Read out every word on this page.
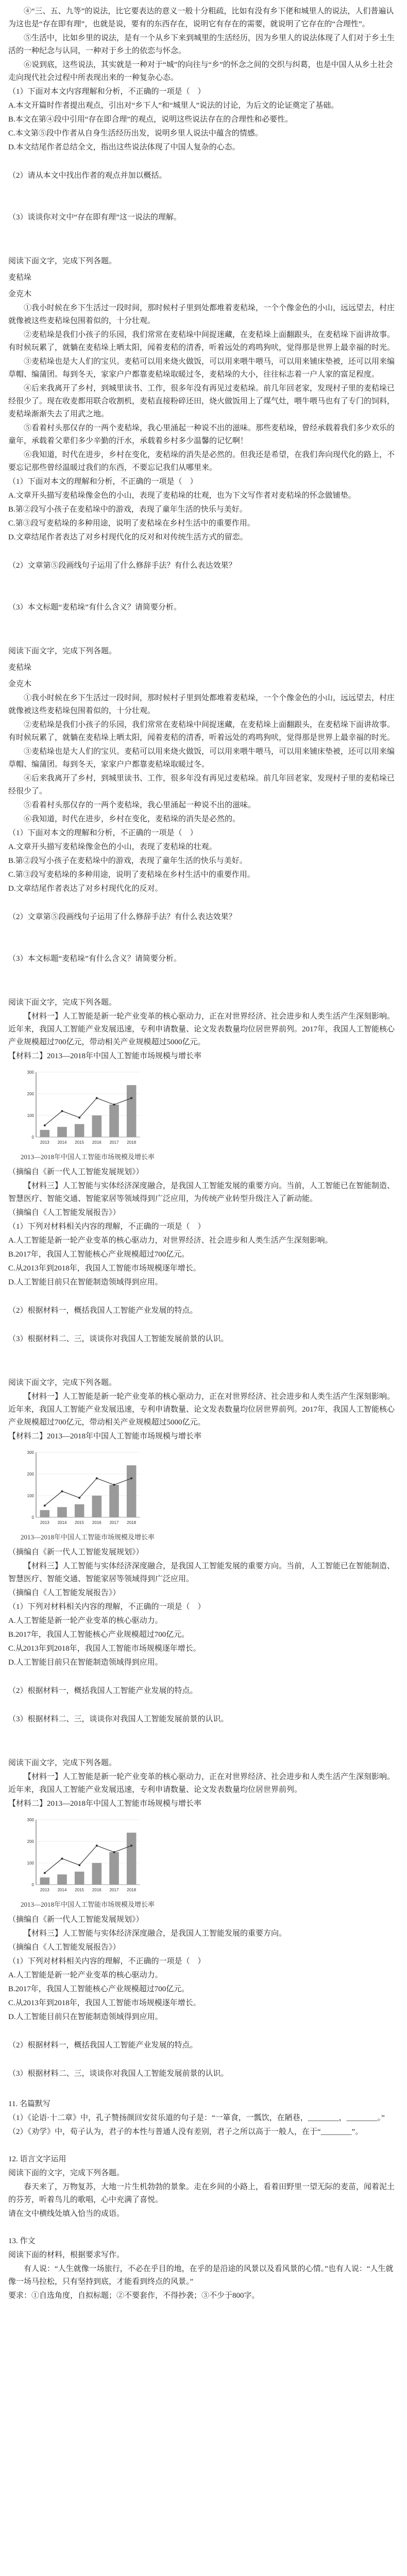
④“三、五、九等”的说法，比它要表达的意义一般十分粗疏，比如有没有乡下佬和城里人的说法，人们普遍认为这也是“存在即有理”，也就是说，要有的东西存在，说明它有存在的需要，就说明了它存在的“合理性”。

⑤生活中，比如乡里的说法，是有一个从乡下来到城里的生活经历，因为乡里人的说法体现了人们对于乡土生活的一种纪念与认同，一种对于乡土的依恋与怀念。

⑥说到底，这些说法，其实就是一种对于“城”的向往与“乡”的怀念之间的交织与纠葛，也是中国人从乡土社会走向现代社会过程中所表现出来的一种复杂心态。

（1）下面对本文内容理解和分析，不正确的一项是（　）

A.本文开篇时作者提出观点，引出对“乡下人”和“城里人”说法的讨论，为后文的论证奠定了基础。

B.本文在第④段中引用“存在即合理”的观点，说明这些说法存在的合理性和必要性。

C.本文第⑤段中作者从自身生活经历出发，说明乡里人说法中蕴含的情感。

D.本文结尾作者总结全文，指出这些说法体现了中国人复杂的心态。

（2）请从本文中找出作者的观点并加以概括。

（3）谈谈你对文中“存在即有理”这一说法的理解。

阅读下面文字，完成下列各题。

麦秸垛

金克木

①我小时候在乡下生活过一段时间，那时候村子里到处都堆着麦秸垛，一个个像金色的小山，远远望去，村庄就像被这些麦秸垛包围着似的，十分壮观。

②麦秸垛是我们小孩子的乐园，我们常常在麦秸垛中间捉迷藏，在麦秸垛上面翻跟头，在麦秸垛下面讲故事。有时候玩累了，就躺在麦秸垛上晒太阳，闻着麦秸的清香，听着远处的鸡鸣狗吠，觉得那是世界上最幸福的时光。

③麦秸垛也是大人们的宝贝。麦秸可以用来烧火做饭，可以用来喂牛喂马，可以用来铺床垫被，还可以用来编草帽、编蒲团。每到冬天，家家户户都靠麦秸垛取暖过冬，麦秸垛的大小，往往标志着一户人家的富足程度。

④后来我离开了乡村，到城里读书、工作，很多年没有再见过麦秸垛。前几年回老家，发现村子里的麦秸垛已经很少了。现在收麦都用联合收割机，麦秸直接粉碎还田，烧火做饭用上了煤气灶，喂牛喂马也有了专门的饲料，麦秸垛渐渐失去了用武之地。

⑤看着村头那仅存的一两个麦秸垛，我心里涌起一种说不出的滋味。那些麦秸垛，曾经承载着我们多少欢乐的童年，承载着父辈们多少辛勤的汗水，承载着乡村多少温馨的记忆啊！

⑥我知道，时代在进步，乡村在变化，麦秸垛的消失是必然的。但我还是希望，在我们奔向现代化的路上，不要忘记那些曾经温暖过我们的东西，不要忘记我们从哪里来。

（1）下面对本文的理解和分析，不正确的一项是（　）

A.文章开头描写麦秸垛像金色的小山，表现了麦秸垛的壮观，也为下文写作者对麦秸垛的怀念做铺垫。

B.第②段写小孩子在麦秸垛中的游戏，表现了童年生活的快乐与美好。

C.第③段写麦秸垛的多种用途，说明了麦秸垛在乡村生活中的重要作用。

D.文章结尾作者表达了对乡村现代化的反对和对传统生活方式的留恋。

（2）文章第⑤段画线句子运用了什么修辞手法？有什么表达效果？

（3）本文标题“麦秸垛”有什么含义？请简要分析。

阅读下面文字，完成下列各题。

麦秸垛

金克木

①我小时候在乡下生活过一段时间，那时候村子里到处都堆着麦秸垛，一个个像金色的小山，远远望去，村庄就像被这些麦秸垛包围着似的，十分壮观。

②麦秸垛是我们小孩子的乐园，我们常常在麦秸垛中间捉迷藏，在麦秸垛上面翻跟头，在麦秸垛下面讲故事。有时候玩累了，就躺在麦秸垛上晒太阳，闻着麦秸的清香，听着远处的鸡鸣狗吠，觉得那是世界上最幸福的时光。

③麦秸垛也是大人们的宝贝。麦秸可以用来烧火做饭，可以用来喂牛喂马，可以用来铺床垫被，还可以用来编草帽、编蒲团。每到冬天，家家户户都靠麦秸垛取暖过冬。

④后来我离开了乡村，到城里读书、工作，很多年没有再见过麦秸垛。前几年回老家，发现村子里的麦秸垛已经很少了。

⑤看着村头那仅存的一两个麦秸垛，我心里涌起一种说不出的滋味。

⑥我知道，时代在进步，乡村在变化，麦秸垛的消失是必然的。

（1）下面对本文的理解和分析，不正确的一项是（　）

A.文章开头描写麦秸垛像金色的小山，表现了麦秸垛的壮观。

B.第②段写小孩子在麦秸垛中的游戏，表现了童年生活的快乐与美好。

C.第③段写麦秸垛的多种用途，说明了麦秸垛在乡村生活中的重要作用。

D.文章结尾作者表达了对乡村现代化的反对。

（2）文章第⑤段画线句子运用了什么修辞手法？有什么表达效果？

（3）本文标题“麦秸垛”有什么含义？请简要分析。

阅读下面文字，完成下列各题。

【材料一】人工智能是新一轮产业变革的核心驱动力，正在对世界经济、社会进步和人类生活产生深刻影响。近年来，我国人工智能产业发展迅速，专利申请数量、论文发表数量均位居世界前列。2017年，我国人工智能核心产业规模超过700亿元，带动相关产业规模超过5000亿元。

【材料二】2013—2018年中国人工智能市场规模与增长率

2013 2014 2015 2016 2017 2018
0
100
200
300

2013—2018年中国人工智能市场规模及增长率

（摘编自《新一代人工智能发展规划》）

【材料三】人工智能与实体经济深度融合，是我国人工智能发展的重要方向。当前，人工智能已在智能制造、智慧医疗、智能交通、智能家居等领域得到广泛应用，为传统产业转型升级注入了新动能。

（摘编自《人工智能发展报告》）

（1）下列对材料相关内容的理解，不正确的一项是（　）

A.人工智能是新一轮产业变革的核心驱动力，对世界经济、社会进步和人类生活产生深刻影响。

B.2017年，我国人工智能核心产业规模超过700亿元。

C.从2013年到2018年，我国人工智能市场规模逐年增长。

D.人工智能目前只在智能制造领域得到应用。

（2）根据材料一，概括我国人工智能产业发展的特点。

（3）根据材料二、三，谈谈你对我国人工智能发展前景的认识。

阅读下面文字，完成下列各题。

【材料一】人工智能是新一轮产业变革的核心驱动力，正在对世界经济、社会进步和人类生活产生深刻影响。近年来，我国人工智能产业发展迅速，专利申请数量、论文发表数量均位居世界前列。2017年，我国人工智能核心产业规模超过700亿元，带动相关产业规模超过5000亿元。

【材料二】2013—2018年中国人工智能市场规模与增长率

2013 2014 2015 2016 2017 2018
0
100
200
300

2013—2018年中国人工智能市场规模及增长率

（摘编自《新一代人工智能发展规划》）

【材料三】人工智能与实体经济深度融合，是我国人工智能发展的重要方向。当前，人工智能已在智能制造、智慧医疗、智能交通、智能家居等领域得到广泛应用。

（摘编自《人工智能发展报告》）

（1）下列对材料相关内容的理解，不正确的一项是（　）

A.人工智能是新一轮产业变革的核心驱动力。

B.2017年，我国人工智能核心产业规模超过700亿元。

C.从2013年到2018年，我国人工智能市场规模逐年增长。

D.人工智能目前只在智能制造领域得到应用。

（2）根据材料一，概括我国人工智能产业发展的特点。

（3）根据材料二、三，谈谈你对我国人工智能发展前景的认识。

阅读下面文字，完成下列各题。

【材料一】人工智能是新一轮产业变革的核心驱动力，正在对世界经济、社会进步和人类生活产生深刻影响。近年来，我国人工智能产业发展迅速，专利申请数量、论文发表数量均位居世界前列。

【材料二】2013—2018年中国人工智能市场规模与增长率

2013 2014 2015 2016 2017 2018
0
100
200
300

2013—2018年中国人工智能市场规模及增长率

（摘编自《新一代人工智能发展规划》）

【材料三】人工智能与实体经济深度融合，是我国人工智能发展的重要方向。

（摘编自《人工智能发展报告》）

（1）下列对材料相关内容的理解，不正确的一项是（　）

A.人工智能是新一轮产业变革的核心驱动力。

B.2017年，我国人工智能核心产业规模超过700亿元。

C.从2013年到2018年，我国人工智能市场规模逐年增长。

D.人工智能目前只在智能制造领域得到应用。

（2）根据材料一，概括我国人工智能产业发展的特点。

（3）根据材料二、三，谈谈你对我国人工智能发展前景的认识。

11. 名篇默写

（1）《论语·十二章》中，孔子赞扬颜回安贫乐道的句子是：“一箪食，一瓢饮，在陋巷，________，________。”

（2）《劝学》中，荀子认为，君子的本性与普通人没有差别，君子之所以高于一般人，在于“________”。

12. 语言文字运用

阅读下面的文字，完成下列各题。

春天来了，万物复苏，大地一片生机勃勃的景象。走在乡间的小路上，看着田野里一望无际的麦苗，闻着泥土的芬芳，听着鸟儿的歌唱，心中充满了喜悦。

请在文中横线处填入恰当的成语。

13. 作文

阅读下面的材料，根据要求写作。

有人说：“人生就像一场旅行，不必在乎目的地，在乎的是沿途的风景以及看风景的心情。”也有人说：“人生就像一场马拉松，只有坚持到底，才能看到终点的风景。”

要求：①自选角度，自拟标题；②不要套作，不得抄袭；③不少于800字。
